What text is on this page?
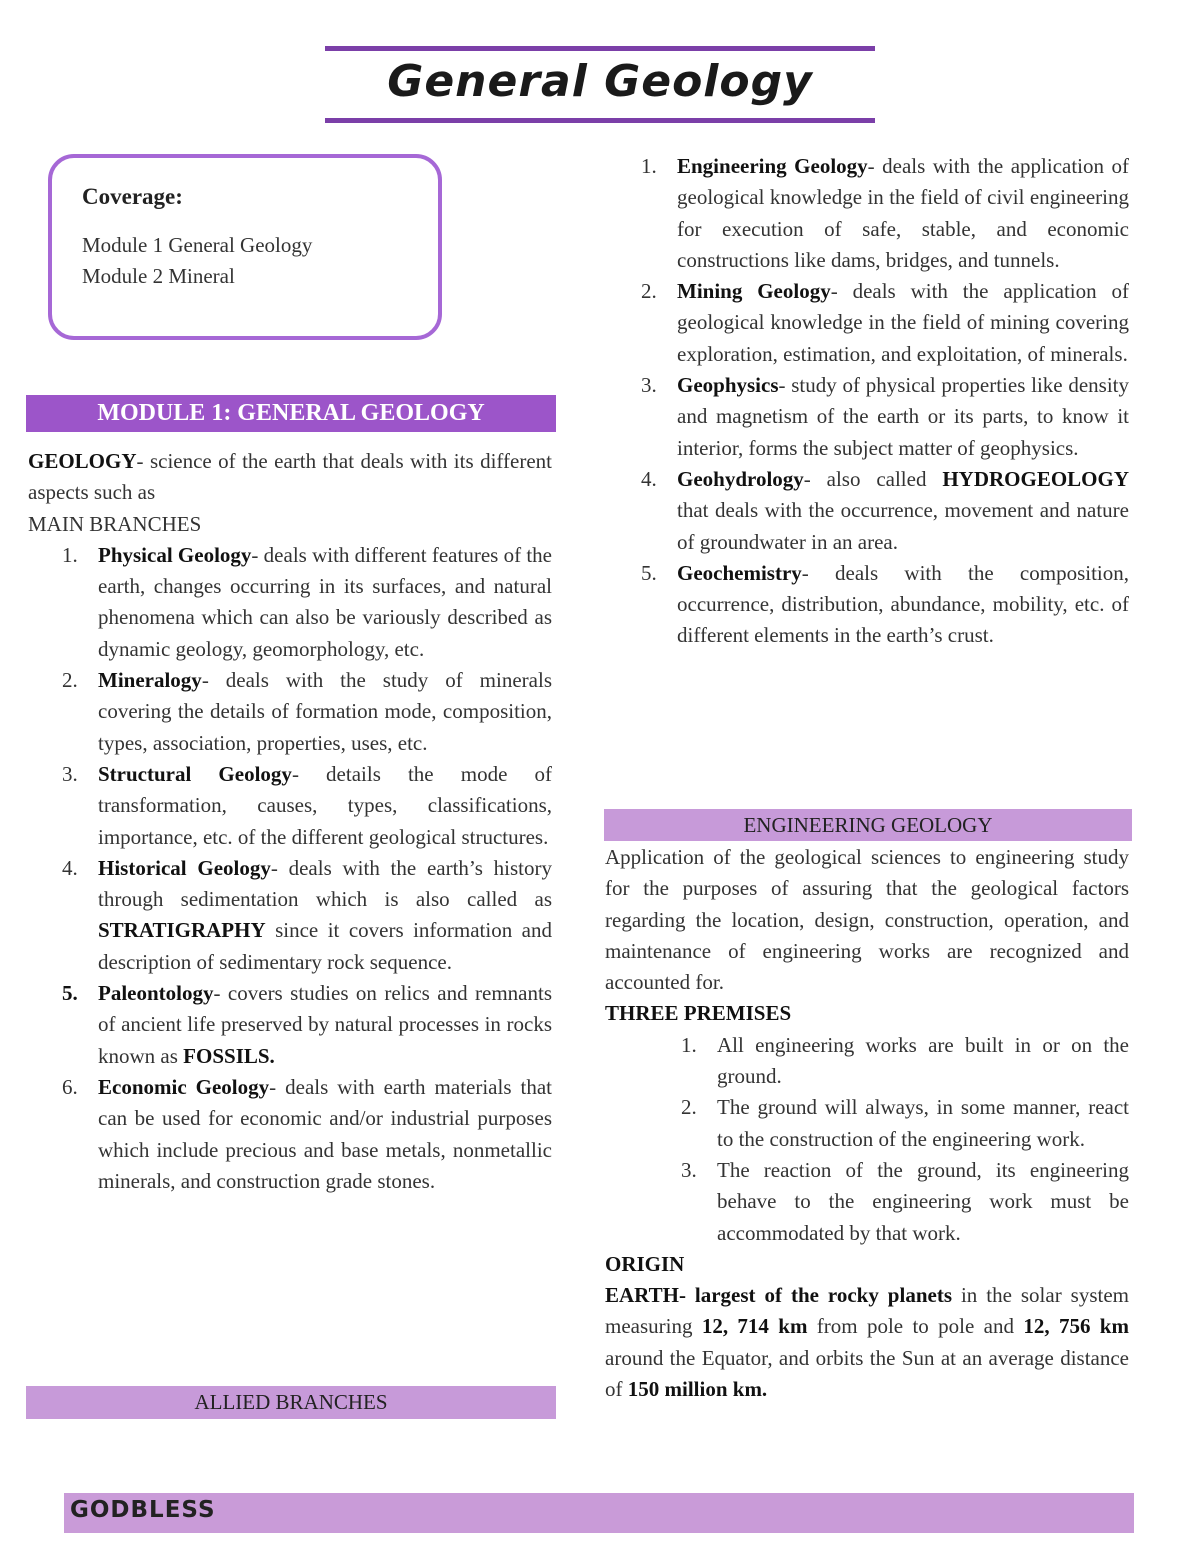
General Geology
Coverage:
Module 1 General Geology
Module 2 Mineral
MODULE 1: GENERAL GEOLOGY

GEOLOGY- science of the earth that deals with its different aspects such as

MAIN BRANCHES

1. Physical Geology- deals with different features of the earth, changes occurring in its surfaces, and natural phenomena which can also be variously described as dynamic geology, geomorphology, etc.
2. Mineralogy- deals with the study of minerals covering the details of formation mode, composition, types, association, properties, uses, etc.
3. Structural Geology- details the mode of transformation, causes, types, classifications, importance, etc. of the different geological structures.
4. Historical Geology- deals with the earth’s history through sedimentation which is also called as STRATIGRAPHY since it covers information and description of sedimentary rock sequence.
5. Paleontology- covers studies on relics and remnants of ancient life preserved by natural processes in rocks known as FOSSILS.
6. Economic Geology- deals with earth materials that can be used for economic and/or industrial purposes which include precious and base metals, nonmetallic minerals, and construction grade stones.
ALLIED BRANCHES
1. Engineering Geology- deals with the application of geological knowledge in the field of civil engineering for execution of safe, stable, and economic constructions like dams, bridges, and tunnels.
2. Mining Geology- deals with the application of geological knowledge in the field of mining covering exploration, estimation, and exploitation, of minerals.
3. Geophysics- study of physical properties like density and magnetism of the earth or its parts, to know it interior, forms the subject matter of geophysics.
4. Geohydrology- also called HYDROGEOLOGY that deals with the occurrence, movement and nature of groundwater in an area.
5. Geochemistry- deals with the composition, occurrence, distribution, abundance, mobility, etc. of different elements in the earth’s crust.
ENGINEERING GEOLOGY

Application of the geological sciences to engineering study for the purposes of assuring that the geological factors regarding the location, design, construction, operation, and maintenance of engineering works are recognized and accounted for.

THREE PREMISES

1. All engineering works are built in or on the ground.
2. The ground will always, in some manner, react to the construction of the engineering work.
3. The reaction of the ground, its engineering behave to the engineering work must be accommodated by that work.

ORIGIN

EARTH- largest of the rocky planets in the solar system measuring 12, 714 km from pole to pole and 12, 756 km around the Equator, and orbits the Sun at an average distance of 150 million km.

GODBLESS
